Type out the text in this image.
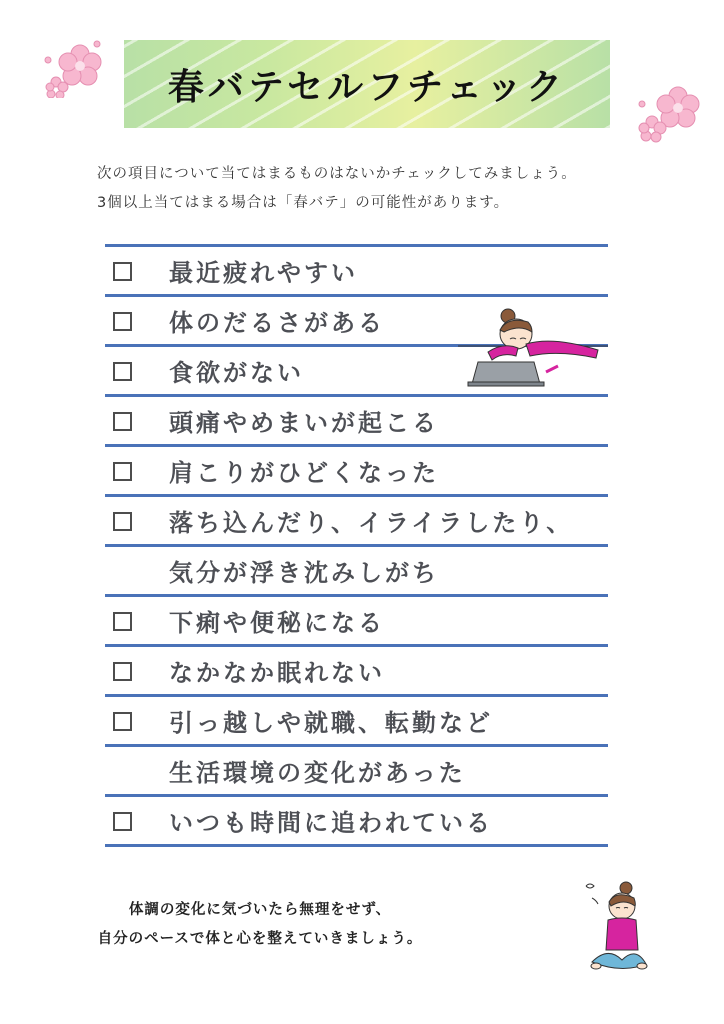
春バテセルフチェック

次の項目について当てはまるものはないかチェックしてみましょう。

3個以上当てはまる場合は「春バテ」の可能性があります。

最近疲れやすい
体のだるさがある
食欲がない
頭痛やめまいが起こる
肩こりがひどくなった
落ち込んだり、イライラしたり、
気分が浮き沈みしがち
下痢や便秘になる
なかなか眠れない
引っ越しや就職、転勤など
生活環境の変化があった
いつも時間に追われている

体調の変化に気づいたら無理をせず、

自分のペースで体と心を整えていきましょう。
